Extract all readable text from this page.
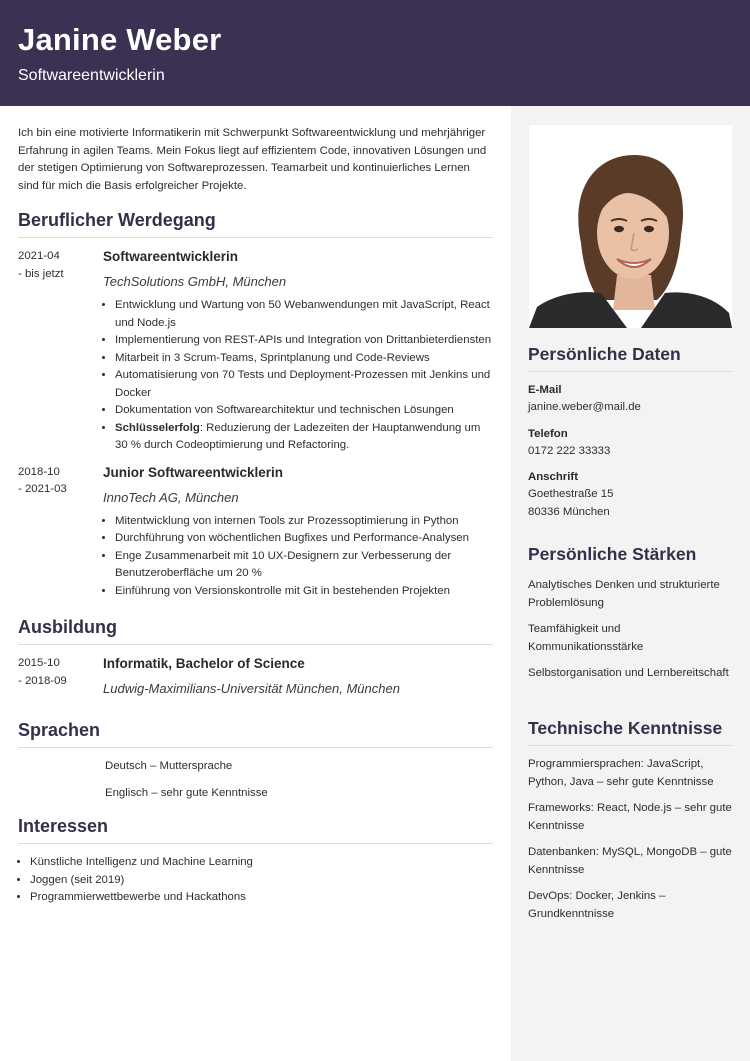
Janine Weber
Softwareentwicklerin

Ich bin eine motivierte Informatikerin mit Schwerpunkt Softwareentwicklung und mehrjähriger Erfahrung in agilen Teams. Mein Fokus liegt auf effizientem Code, innovativen Lösungen und der stetigen Optimierung von Softwareprozessen. Teamarbeit und kontinuierliches Lernen sind für mich die Basis erfolgreicher Projekte.

Beruflicher Werdegang
2021-04
- bis jetzt
Softwareentwicklerin
TechSolutions GmbH, München
• Entwicklung und Wartung von 50 Webanwendungen mit JavaScript, React und Node.js
• Implementierung von REST-APIs und Integration von Drittanbieterdiensten
• Mitarbeit in 3 Scrum-Teams, Sprintplanung und Code-Reviews
• Automatisierung von 70 Tests und Deployment-Prozessen mit Jenkins und Docker
• Dokumentation von Softwarearchitektur und technischen Lösungen
• Schlüsselerfolg: Reduzierung der Ladezeiten der Hauptanwendung um 30 % durch Codeoptimierung und Refactoring.
2018-10
- 2021-03
Junior Softwareentwicklerin
InnoTech AG, München
• Mitentwicklung von internen Tools zur Prozessoptimierung in Python
• Durchführung von wöchentlichen Bugfixes und Performance-Analysen
• Enge Zusammenarbeit mit 10 UX-Designern zur Verbesserung der Benutzeroberfläche um 20 %
• Einführung von Versionskontrolle mit Git in bestehenden Projekten
Ausbildung
2015-10
- 2018-09
Informatik, Bachelor of Science
Ludwig-Maximilians-Universität München, München
Sprachen
Deutsch – Muttersprache
Englisch – sehr gute Kenntnisse
Interessen
• Künstliche Intelligenz und Machine Learning
• Joggen (seit 2019)
• Programmierwettbewerbe und Hackathons
Persönliche Daten
E-Mail
janine.weber@mail.de
Telefon
0172 222 33333
Anschrift
Goethestraße 15
80336 München
Persönliche Stärken
Analytisches Denken und strukturierte Problemlösung
Teamfähigkeit und Kommunikationsstärke
Selbstorganisation und Lernbereitschaft
Technische Kenntnisse
Programmiersprachen: JavaScript, Python, Java – sehr gute Kenntnisse
Frameworks: React, Node.js – sehr gute Kenntnisse
Datenbanken: MySQL, MongoDB – gute Kenntnisse
DevOps: Docker, Jenkins – Grundkenntnisse
